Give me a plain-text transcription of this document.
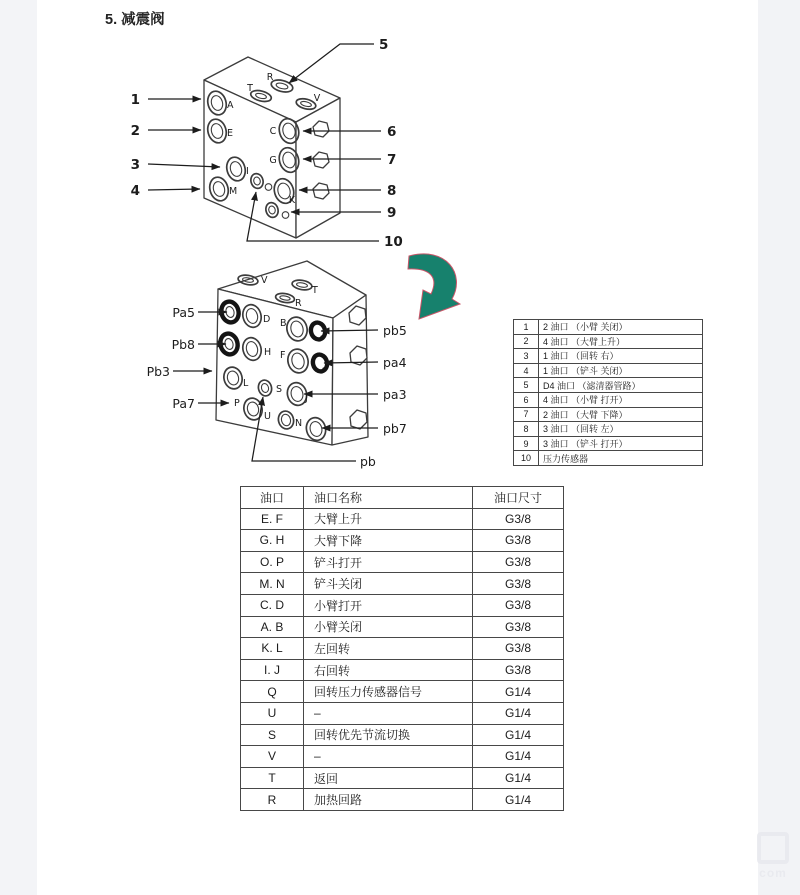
5. 减震阀
T
R
V
A
E
I
M
C
G
K
1
2
3
4
5
6
7
8
9
10
V
T
R
D B
H F
L
S
J
P
U
N
Pa5
Pb8
Pb3
Pa7
pb5
pa4
pa3
pb7
pb
1	2 油口 （小臂 关闭）
2	4 油口 （大臂上升）
3	1 油口 （回转 右）
4	1 油口 （铲斗 关闭）
5	D4 油口 （滤清器管路）
6	4 油口 （小臂 打开）
7	2 油口 （大臂 下降）
8	3 油口 （回转 左）
9	3 油口 （铲斗 打开）
10	压力传感器
油口	油口名称	油口尺寸
E. F	大臂上升	G3/8
G. H	大臂下降	G3/8
O. P	铲斗打开	G3/8
M. N	铲斗关闭	G3/8
C. D	小臂打开	G3/8
A. B	小臂关闭	G3/8
K. L	左回转	G3/8
I. J	右回转	G3/8
Q	回转压力传感器信号	G1/4
U	–	G1/4
S	回转优先节流切换	G1/4
V	–	G1/4
T	返回	G1/4
R	加热回路	G1/4
com
